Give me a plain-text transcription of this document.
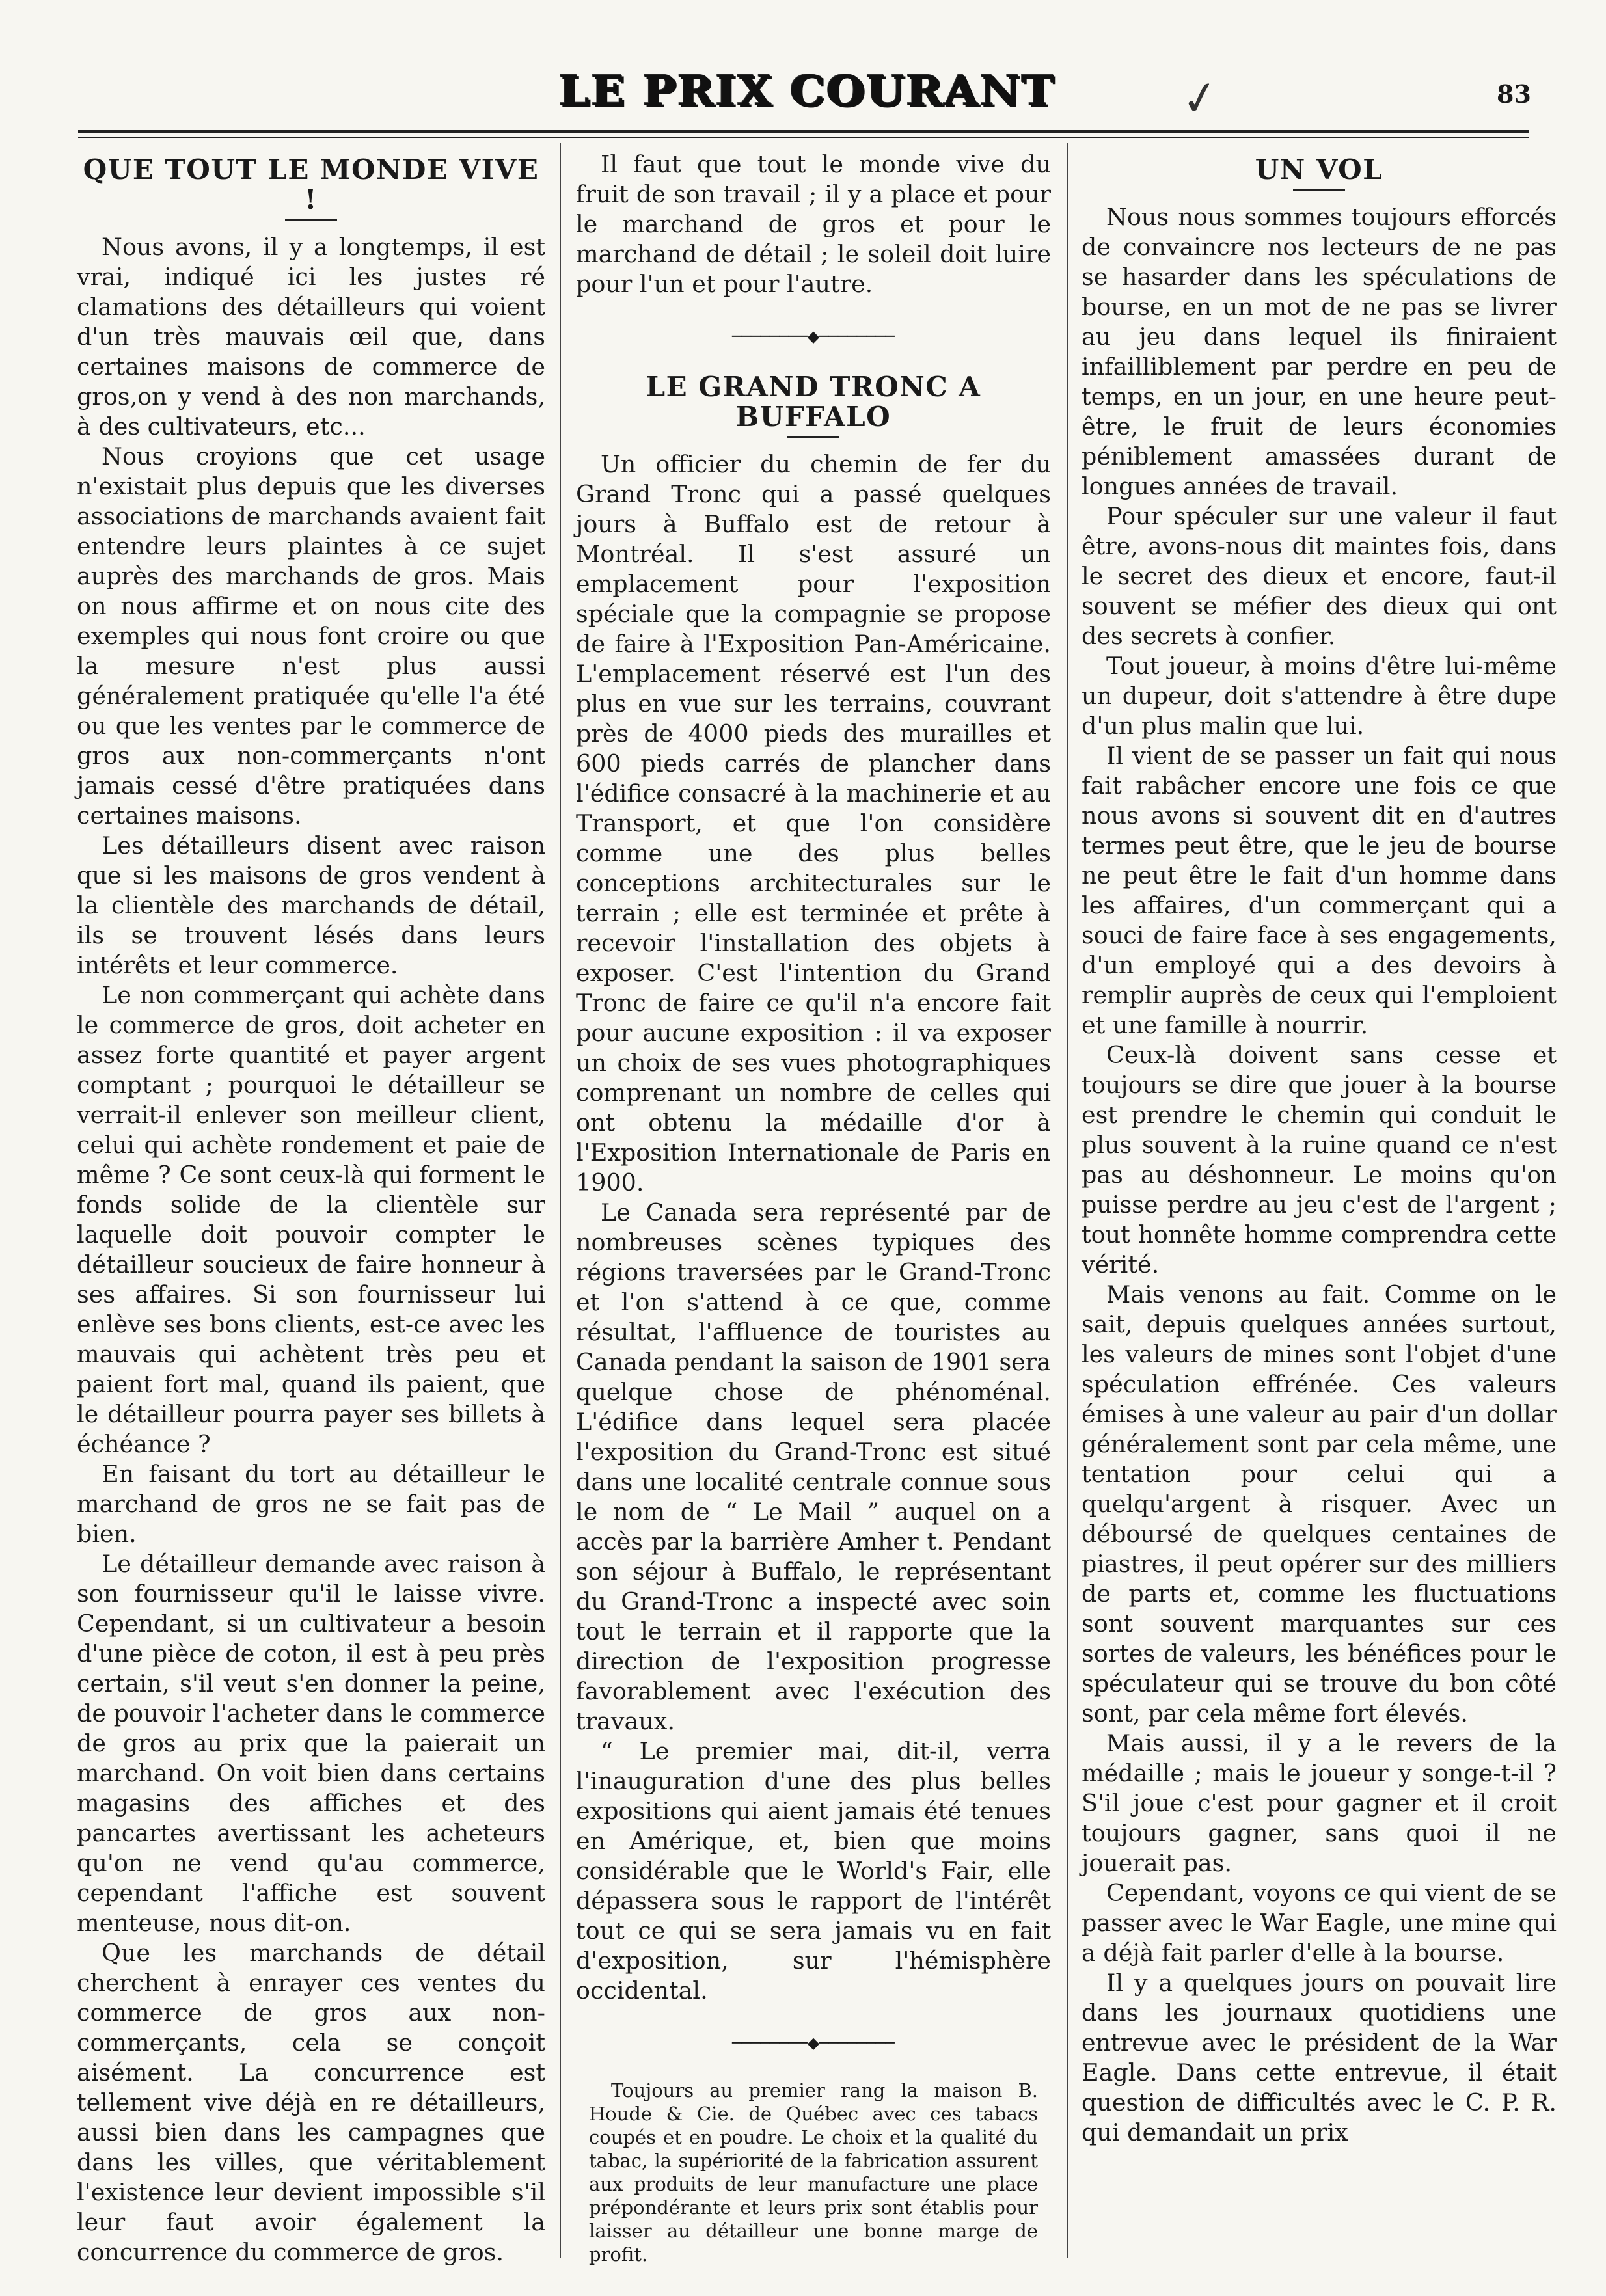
LE PRIX COURANT	✓	83
QUE TOUT LE MONDE VIVE !

Nous avons, il y a longtemps, il est vrai, indiqué ici les justes ré clamations des détailleurs qui voient d'un très mauvais œil que, dans certaines maisons de commerce de gros,on y vend à des non marchands, à des cultivateurs, etc...

Nous croyions que cet usage n'existait plus depuis que les diverses associations de marchands avaient fait entendre leurs plaintes à ce sujet auprès des marchands de gros. Mais on nous affirme et on nous cite des exemples qui nous font croire ou que la mesure n'est plus aussi généralement pratiquée qu'elle l'a été ou que les ventes par le commerce de gros aux non-commerçants n'ont jamais cessé d'être pratiquées dans certaines maisons.

Les détailleurs disent avec raison que si les maisons de gros vendent à la clientèle des marchands de détail, ils se trouvent lésés dans leurs intérêts et leur commerce.

Le non commerçant qui achète dans le commerce de gros, doit acheter en assez forte quantité et payer argent comptant ; pourquoi le détailleur se verrait-il enlever son meilleur client, celui qui achète rondement et paie de même ? Ce sont ceux-là qui forment le fonds solide de la clientèle sur laquelle doit pouvoir compter le détailleur soucieux de faire honneur à ses affaires. Si son fournisseur lui enlève ses bons clients, est-ce avec les mauvais qui achètent très peu et paient fort mal, quand ils paient, que le détailleur pourra payer ses billets à échéance ?

En faisant du tort au détailleur le marchand de gros ne se fait pas de bien.

Le détailleur demande avec raison à son fournisseur qu'il le laisse vivre. Cependant, si un cultivateur a besoin d'une pièce de coton, il est à peu près certain, s'il veut s'en donner la peine, de pouvoir l'acheter dans le commerce de gros au prix que la paierait un marchand. On voit bien dans certains magasins des affiches et des pancartes avertissant les acheteurs qu'on ne vend qu'au commerce, cependant l'affiche est souvent menteuse, nous dit-on.

Que les marchands de détail cherchent à enrayer ces ventes du commerce de gros aux non-commerçants, cela se conçoit aisément. La concurrence est tellement vive déjà en re détailleurs, aussi bien dans les campagnes que dans les villes, que véritablement l'existence leur devient impossible s'il leur faut avoir également la concurrence du commerce de gros.

Il faut que tout le monde vive du fruit de son travail ; il y a place et pour le marchand de gros et pour le marchand de détail ; le soleil doit luire pour l'un et pour l'autre.

────────◆────────
LE GRAND TRONC A BUFFALO

Un officier du chemin de fer du Grand Tronc qui a passé quelques jours à Buffalo est de retour à Montréal. Il s'est assuré un emplacement pour l'exposition spéciale que la compagnie se propose de faire à l'Exposition Pan-Américaine. L'emplacement réservé est l'un des plus en vue sur les terrains, couvrant près de 4000 pieds des murailles et 600 pieds carrés de plancher dans l'édifice consacré à la machinerie et au Transport, et que l'on considère comme une des plus belles conceptions architecturales sur le terrain ; elle est terminée et prête à recevoir l'installation des objets à exposer. C'est l'intention du Grand Tronc de faire ce qu'il n'a encore fait pour aucune exposition : il va exposer un choix de ses vues photographiques comprenant un nombre de celles qui ont obtenu la médaille d'or à l'Exposition Internationale de Paris en 1900.

Le Canada sera représenté par de nombreuses scènes typiques des régions traversées par le Grand-Tronc et l'on s'attend à ce que, comme résultat, l'affluence de touristes au Canada pendant la saison de 1901 sera quelque chose de phénoménal. L'édifice dans lequel sera placée l'exposition du Grand-Tronc est situé dans une localité centrale connue sous le nom de “ Le Mail ” auquel on a accès par la barrière Amher t. Pendant son séjour à Buffalo, le représentant du Grand-Tronc a inspecté avec soin tout le terrain et il rapporte que la direction de l'exposition progresse favorablement avec l'exécution des travaux.

“ Le premier mai, dit-il, verra l'inauguration d'une des plus belles expositions qui aient jamais été tenues en Amérique, et, bien que moins considérable que le World's Fair, elle dépassera sous le rapport de l'intérêt tout ce qui se sera jamais vu en fait d'exposition, sur l'hémisphère occidental.

────────◆────────

Toujours au premier rang la maison B. Houde & Cie. de Québec avec ces tabacs coupés et en poudre. Le choix et la qualité du tabac, la supériorité de la fabrication assurent aux produits de leur manufacture une place prépondérante et leurs prix sont établis pour laisser au détailleur une bonne marge de profit.

UN VOL

Nous nous sommes toujours efforcés de convaincre nos lecteurs de ne pas se hasarder dans les spéculations de bourse, en un mot de ne pas se livrer au jeu dans lequel ils finiraient infailliblement par perdre en peu de temps, en un jour, en une heure peut-être, le fruit de leurs économies péniblement amassées durant de longues années de travail.

Pour spéculer sur une valeur il faut être, avons-nous dit maintes fois, dans le secret des dieux et encore, faut-il souvent se méfier des dieux qui ont des secrets à confier.

Tout joueur, à moins d'être lui-même un dupeur, doit s'attendre à être dupe d'un plus malin que lui.

Il vient de se passer un fait qui nous fait rabâcher encore une fois ce que nous avons si souvent dit en d'autres termes peut être, que le jeu de bourse ne peut être le fait d'un homme dans les affaires, d'un commerçant qui a souci de faire face à ses engagements, d'un employé qui a des devoirs à remplir auprès de ceux qui l'emploient et une famille à nourrir.

Ceux-là doivent sans cesse et toujours se dire que jouer à la bourse est prendre le chemin qui conduit le plus souvent à la ruine quand ce n'est pas au déshonneur. Le moins qu'on puisse perdre au jeu c'est de l'argent ; tout honnête homme comprendra cette vérité.

Mais venons au fait. Comme on le sait, depuis quelques années surtout, les valeurs de mines sont l'objet d'une spéculation effrénée. Ces valeurs émises à une valeur au pair d'un dollar généralement sont par cela même, une tentation pour celui qui a quelqu'argent à risquer. Avec un déboursé de quelques centaines de piastres, il peut opérer sur des milliers de parts et, comme les fluctuations sont souvent marquantes sur ces sortes de valeurs, les bénéfices pour le spéculateur qui se trouve du bon côté sont, par cela même fort élevés.

Mais aussi, il y a le revers de la médaille ; mais le joueur y songe-t-il ? S'il joue c'est pour gagner et il croit toujours gagner, sans quoi il ne jouerait pas.

Cependant, voyons ce qui vient de se passer avec le War Eagle, une mine qui a déjà fait parler d'elle à la bourse.

Il y a quelques jours on pouvait lire dans les journaux quotidiens une entrevue avec le président de la War Eagle. Dans cette entrevue, il était question de difficultés avec le C. P. R. qui demandait un prix
